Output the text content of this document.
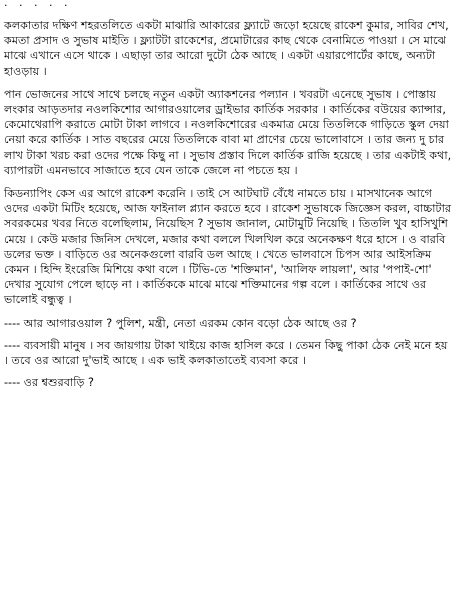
· · · · ·

কলকাতার দক্ষিণ শহরতলিতে একটা মাঝারি আকারের ফ্ল্যাটে জড়ো হয়েছে রাকেশ কুমার, সাবির শেখ, কমতা প্রসাদ ও সুভাষ মাইতি । ফ্ল্যাটটা রাকেশের, প্রমোটারের কাছ থেকে বেনামিতে পাওয়া । সে মাঝে মাঝে এখানে এসে থাকে । এছাড়া তার আরো দুটো ঠেক আছে । একটা এয়ারপোর্টের কাছে, অন্যটা হাওড়ায় ।

পান ভোজনের সাথে সাথে চলছে নতুন একটা অ্যাকশনের পল্যান । খবরটা এনেছে সুভাষ । পোস্তায় লংকার আড়তদার নওলকিশোর আগারওয়ালের ড্রাইভার কার্তিক সরকার । কার্তিকের বউয়ের ক্যান্সার, কেমোথেরাপি করাতে মোটা টাকা লাগবে । নওলকিশোরের একমাত্র মেয়ে তিতলিকে গাড়িতে স্কুল দেয়া নেয়া করে কার্তিক । সাত বছরের মেয়ে তিতলিকে বাবা মা প্রাণের চেয়ে ভালোবাসে । তার জন্য দু চার লাখ টাকা খরচ করা ওদের পক্ষে কিছু না । সুভাষ প্রস্তাব দিলে কার্তিক রাজি হয়েছে । তার একটাই কথা, ব্যাপারটা এমনভাবে সাজাতে হবে যেন তাকে জেলে না পচতে হয় ।

কিডন্যাপিং কেস এর আগে রাকেশ করেনি । তাই সে আটঘাট বেঁধে নামতে চায় । মাসখানেক আগে ওদের একটা মিটিং হয়েছে, আজ ফাইনাল প্ল্যান করতে হবে । রাকেশ সুভাষকে জিজ্ঞেস করল, বাচ্চাটার সবরকমের খবর নিতে বলেছিলাম, নিয়েছিস ? সুভাষ জানাল, মোটামুটি নিয়েছি । তিতলি খুব হাসিখুশি মেয়ে । কেউ মজার জিনিস দেখলে, মজার কথা বললে খিলখিল করে অনেকক্ষণ ধরে হাসে । ও বারবি ডলের ভক্ত । বাড়িতে ওর অনেকগুলো বারবি ডল আছে । খেতে ভালবাসে চিপস আর আইসক্রিম কেমন । হিন্দি ইংরেজি মিশিয়ে কথা বলে । টিভি-তে 'শক্তিমান', 'আলিফ লায়লা', আর 'পপাই-শো' দেখার সুযোগ পেলে ছাড়ে না । কার্তিককে মাঝে মাঝে শক্তিমানের গল্প বলে । কার্তিকের সাথে ওর ভালোই বন্ধুত্ব ।

---- আর আগারওয়াল ? পুলিশ, মন্ত্রী, নেতা এরকম কোন বড়ো ঠেক আছে ওর ?

---- ব্যবসায়ী মানুষ । সব জায়গায় টাকা খাইয়ে কাজ হাসিল করে । তেমন কিছু পাকা ঠেক নেই মনে হয় । তবে ওর আরো দু'ভাই আছে । এক ভাই কলকাতাতেই ব্যবসা করে ।

---- ওর শ্বশুরবাড়ি ?
